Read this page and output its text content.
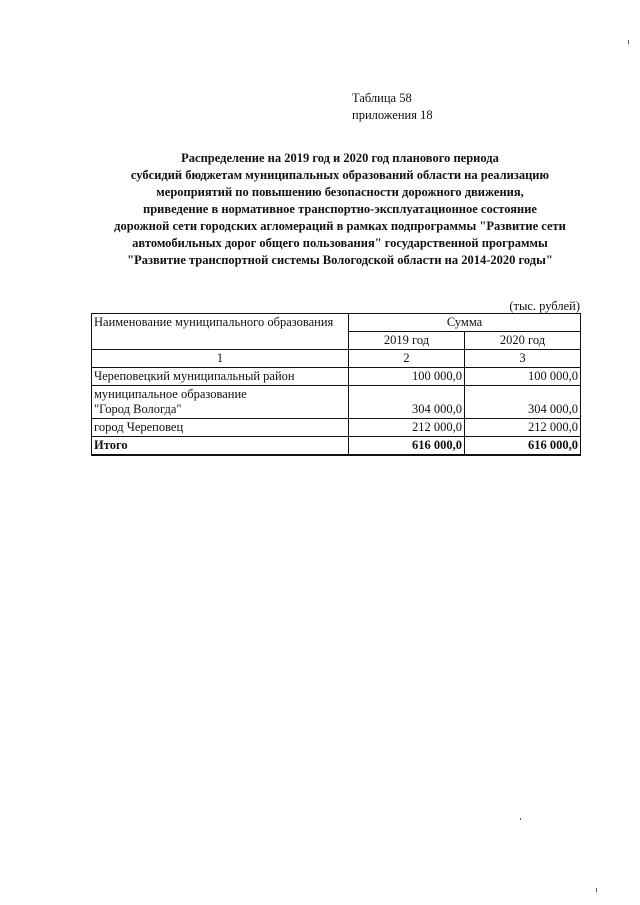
Таблица 58
приложения 18
Распределение на 2019 год и 2020 год планового периода
субсидий бюджетам муниципальных образований области на реализацию
мероприятий по повышению безопасности дорожного движения,
приведение в нормативное транспортно-эксплуатационное состояние
дорожной сети городских агломераций в рамках подпрограммы "Развитие сети
автомобильных дорог общего пользования" государственной программы
"Развитие транспортной системы Вологодской области на 2014-2020 годы"
(тыс. рублей)
Наименование муниципального образования	Сумма	
	2019 год	2020 год
1	2	3
Череповецкий муниципальный район	100 000,0	100 000,0

муниципальное образование
"Город Вологда"	304 000,0	304 000,0
город Череповец	212 000,0	212 000,0
Итого	616 000,0	616 000,0
